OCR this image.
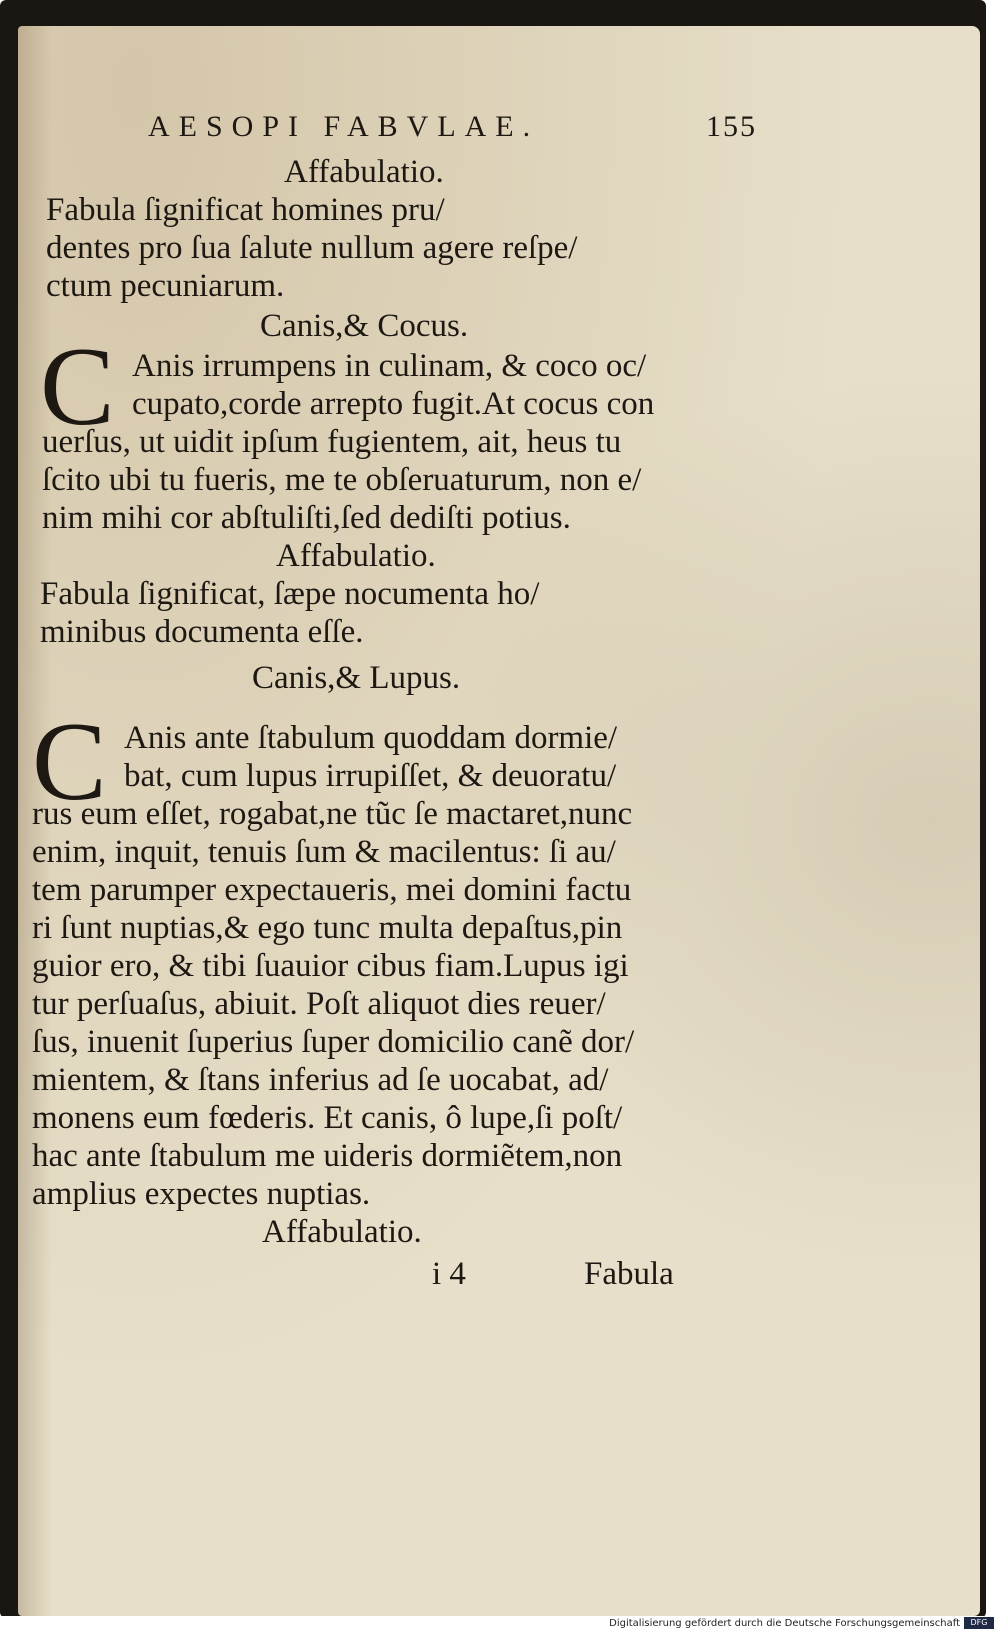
AESOPI FABVLAE.	155

Affabulatio.

Fabula ſignificat homines pru/

dentes pro ſua ſalute nullum agere reſpe/

ctum pecuniarum.

Canis,& Cocus.

C Anis irrumpens in culinam, & coco oc/

cupato,corde arrepto fugit.At cocus con

uerſus, ut uidit ipſum fugientem, ait, heus tu

ſcito ubi tu fueris, me te obſeruaturum, non e/

nim mihi cor abſtuliſti,ſed dediſti potius.

Affabulatio.

Fabula ſignificat, ſæpe nocumenta ho/

minibus documenta eſſe.

Canis,& Lupus.

C Anis ante ſtabulum quoddam dormie/

bat, cum lupus irrupiſſet, & deuoratu/

rus eum eſſet, rogabat,ne tũc ſe mactaret,nunc

enim, inquit, tenuis ſum & macilentus: ſi au/

tem parumper expectaueris, mei domini factu

ri ſunt nuptias,& ego tunc multa depaſtus,pin

guior ero, & tibi ſuauior cibus fiam.Lupus igi

tur perſuaſus, abiuit. Poſt aliquot dies reuer/

ſus, inuenit ſuperius ſuper domicilio canẽ dor/

mientem, & ſtans inferius ad ſe uocabat, ad/

monens eum fœderis. Et canis, ô lupe,ſi poſt/

hac ante ſtabulum me uideris dormiẽtem,non

amplius expectes nuptias.

Affabulatio.

i 4	Fabula

Digitalisierung gefördert durch die Deutsche Forschungsgemeinschaft	DFG
